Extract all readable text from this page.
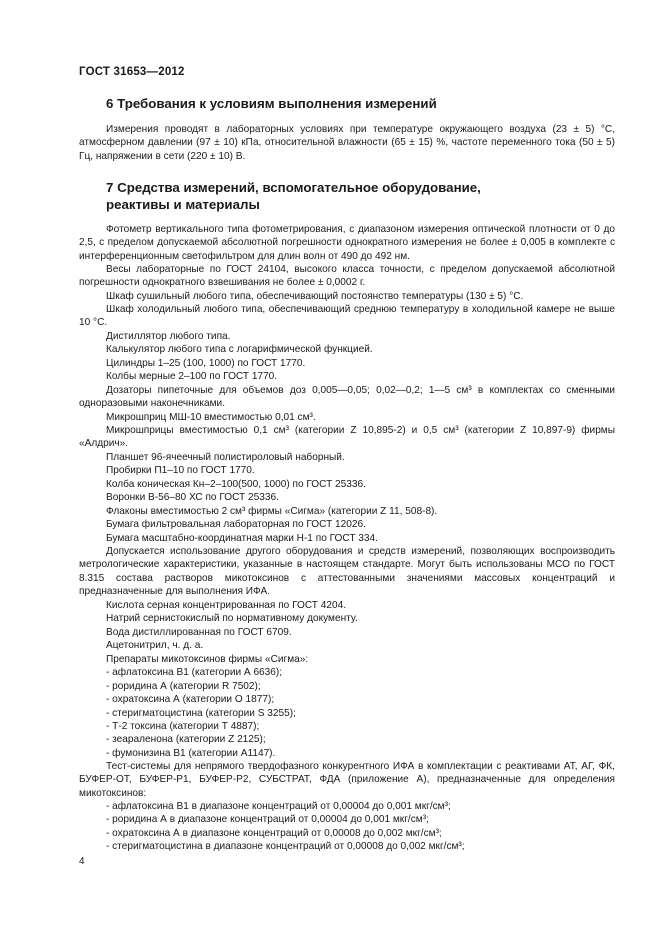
ГОСТ 31653—2012
6 Требования к условиям выполнения измерений

Измерения проводят в лабораторных условиях при температуре окружающего воздуха (23 ± 5) °С, атмосферном давлении (97 ± 10) кПа, относительной влажности (65 ± 15) %, частоте переменного тока (50 ± 5) Гц, напряжении в сети (220 ± 10) В.

7 Средства измерений, вспомогательное оборудование,
реактивы и материалы

Фотометр вертикального типа фотометрирования, с диапазоном измерения оптической плотности от 0 до 2,5, с пределом допускаемой абсолютной погрешности однократного измерения не более ± 0,005 в комплекте с интерференционным светофильтром для длин волн от 490 до 492 нм.

Весы лабораторные по ГОСТ 24104, высокого класса точности, с пределом допускаемой абсолютной погрешности однократного взвешивания не более ± 0,0002 г.

Шкаф сушильный любого типа, обеспечивающий постоянство температуры (130 ± 5) °С.

Шкаф холодильный любого типа, обеспечивающий среднюю температуру в холодильной камере не выше 10 °С.

Дистиллятор любого типа.
Калькулятор любого типа с логарифмической функцией.
Цилиндры 1–25 (100, 1000) по ГОСТ 1770.
Колбы мерные 2–100 по ГОСТ 1770.

Дозаторы пипеточные для объемов доз 0,005—0,05; 0,02—0,2; 1—5 см³ в комплектах со сменными одноразовыми наконечниками.

Микрошприц МШ-10 вместимостью 0,01 см³.

Микрошприцы вместимостью 0,1 см³ (категории Z 10,895-2) и 0,5 см³ (категории Z 10,897-9) фирмы «Алдрич».

Планшет 96-ячеечный полистироловый наборный.
Пробирки П1–10 по ГОСТ 1770.
Колба коническая Кн–2–100(500, 1000) по ГОСТ 25336.
Воронки В-56–80 ХС по ГОСТ 25336.
Флаконы вместимостью 2 см³ фирмы «Сигма» (категории Z 11, 508-8).
Бумага фильтровальная лабораторная по ГОСТ 12026.
Бумага масштабно-координатная марки Н-1 по ГОСТ 334.

Допускается использование другого оборудования и средств измерений, позволяющих воспроизводить метрологические характеристики, указанные в настоящем стандарте. Могут быть использованы МСО по ГОСТ 8.315 состава растворов микотоксинов с аттестованными значениями массовых концентраций и предназначенные для выполнения ИФА.

Кислота серная концентрированная по ГОСТ 4204.
Натрий сернистокислый по нормативному документу.
Вода дистиллированная по ГОСТ 6709.
Ацетонитрил, ч. д. а.
Препараты микотоксинов фирмы «Сигма»:
- афлатоксина В1 (категории А 6636);
- роридина А (категории R 7502);
- охратоксина А (категории О 1877);
- стеригматоцистина (категории S 3255);
- Т-2 токсина (категории Т 4887);
- зеараленона (категории Z 2125);
- фумонизина В1 (категории А1147).

Тест-системы для непрямого твердофазного конкурентного ИФА в комплектации с реактивами АТ, АГ, ФК, БУФЕР-ОТ, БУФЕР-Р1, БУФЕР-Р2, СУБСТРАТ, ФДА (приложение А), предназначенные для определения микотоксинов:

- афлатоксина В1 в диапазоне концентраций от 0,00004 до 0,001 мкг/см³;
- роридина А в диапазоне концентраций от 0,00004 до 0,001 мкг/см³;
- охратоксина А в диапазоне концентраций от 0,00008 до 0,002 мкг/см³;
- стеригматоцистина в диапазоне концентраций от 0,00008 до 0,002 мкг/см³;
4
